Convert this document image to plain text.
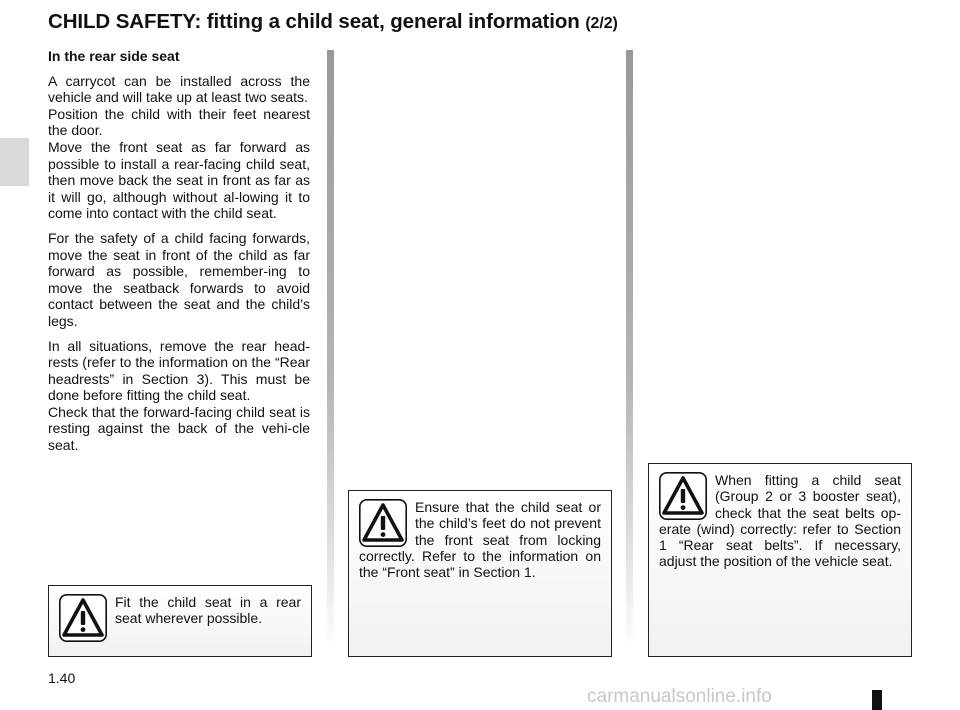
CHILD SAFETY: fitting a child seat, general information (2/2)
In the rear side seat

A carrycot can be installed across the vehicle and will take up at least two seats.
Position the child with their feet nearest the door.
Move the front seat as far forward as possible to install a rear-facing child seat, then move back the seat in front as far as it will go, although without al-lowing it to come into contact with the child seat.

For the safety of a child facing forwards, move the seat in front of the child as far forward as possible, remember-ing to move the seatback forwards to avoid contact between the seat and the child’s legs.

In all situations, remove the rear head-rests (refer to the information on the “Rear headrests” in Section 3). This must be done before fitting the child seat.
Check that the forward-facing child seat is resting against the back of the vehi-cle seat.

Fit the child seat in a rear seat wherever possible.

Ensure that the child seat or the child’s feet do not prevent the front seat from locking correctly. Refer to the information on the “Front seat” in Section 1.

When fitting a child seat (Group 2 or 3 booster seat), check that the seat belts op-erate (wind) correctly: refer to Section 1 “Rear seat belts”. If necessary, adjust the position of the vehicle seat.

1.40
carmanualsonline.info
